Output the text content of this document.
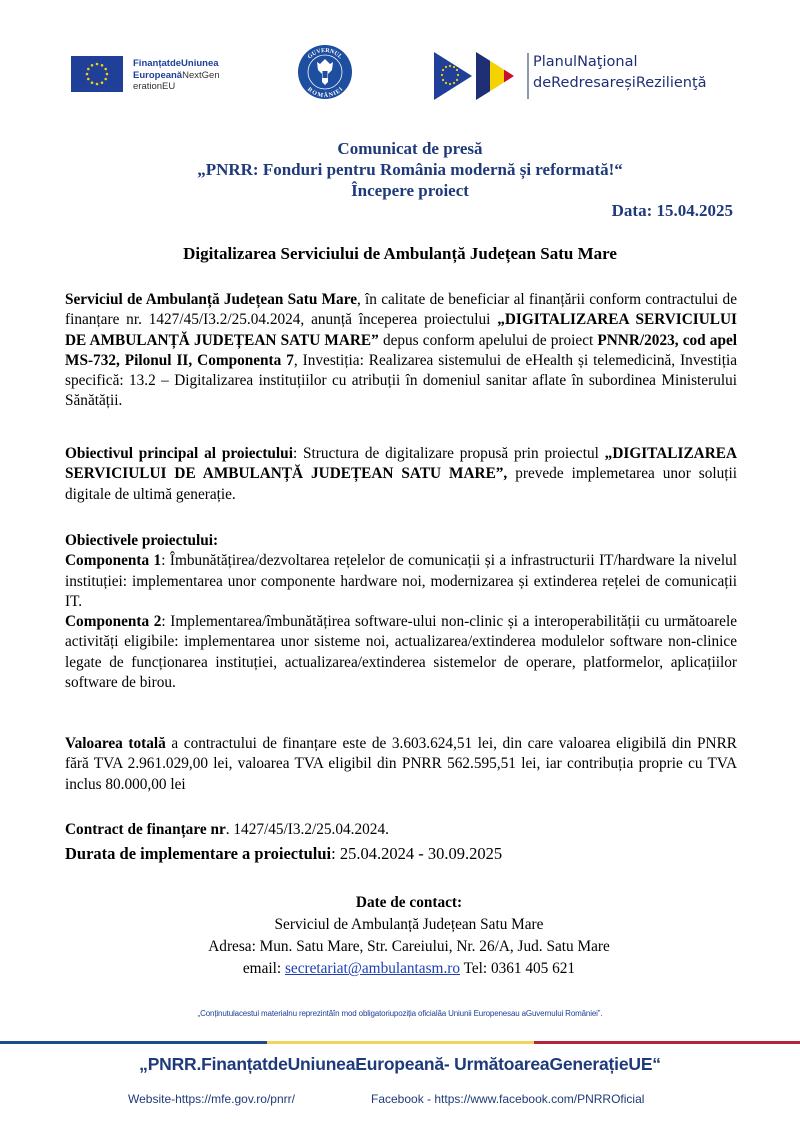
FinanțatdeUniunea
EuropeanăNextGen
erationEU
GUVERNUL
ROMÂNIEI
PlanulNaţional
deRedresareșiRezilienţă
Comunicat de presă
„PNRR: Fonduri pentru România modernă și reformată!“
Începere proiect
Data: 15.04.2025
Digitalizarea Serviciului de Ambulanță Județean Satu Mare
Serviciul de Ambulanță Județean Satu Mare, în calitate de beneficiar al finanțării conform contractului de finanțare nr. 1427/45/I3.2/25.04.2024, anunță începerea proiectului „DIGITALIZAREA SERVICIULUI DE AMBULANȚĂ JUDEȚEAN SATU MARE” depus conform apelului de proiect PNNR/2023, cod apel MS-732, Pilonul II, Componenta 7, Investiția: Realizarea sistemului de eHealth și telemedicină, Investiția specifică: 13.2 – Digitalizarea instituțiilor cu atribuții în domeniul sanitar aflate în subordinea Ministerului Sănătății.
Obiectivul principal al proiectului: Structura de digitalizare propusă prin proiectul „DIGITALIZAREA SERVICIULUI DE AMBULANȚĂ JUDEȚEAN SATU MARE”, prevede implemetarea unor soluții digitale de ultimă generație.
Obiectivele proiectului:
Componenta 1: Îmbunătățirea/dezvoltarea rețelelor de comunicații și a infrastructurii IT/hardware la nivelul instituției: implementarea unor componente hardware noi, modernizarea și extinderea rețelei de comunicații IT.
Componenta 2: Implementarea/îmbunătățirea software-ului non-clinic și a interoperabilității cu următoarele activități eligibile: implementarea unor sisteme noi, actualizarea/extinderea modulelor software non-clinice legate de funcționarea instituției, actualizarea/extinderea sistemelor de operare, platformelor, aplicațiilor software de birou.
Valoarea totală a contractului de finanțare este de 3.603.624,51 lei, din care valoarea eligibilă din PNRR fără TVA 2.961.029,00 lei, valoarea TVA eligibil din PNRR 562.595,51 lei, iar contribuția proprie cu TVA inclus 80.000,00 lei
Contract de finanțare nr. 1427/45/I3.2/25.04.2024.
Durata de implementare a proiectului: 25.04.2024 - 30.09.2025
Date de contact:
Serviciul de Ambulanță Județean Satu Mare
Adresa: Mun. Satu Mare, Str. Careiului, Nr. 26/A, Jud. Satu Mare
email: secretariat@ambulantasm.ro Tel: 0361 405 621
„Conținutulacestui materialnu reprezintăîn mod obligatoriupoziția oficialăa Uniunii Europenesau aGuvernului României”.
„PNRR.FinanțatdeUniuneaEuropeană- UrmătoareaGenerațieUE“
Website-https://mfe.gov.ro/pnrr/	Facebook - https://www.facebook.com/PNRROficial
